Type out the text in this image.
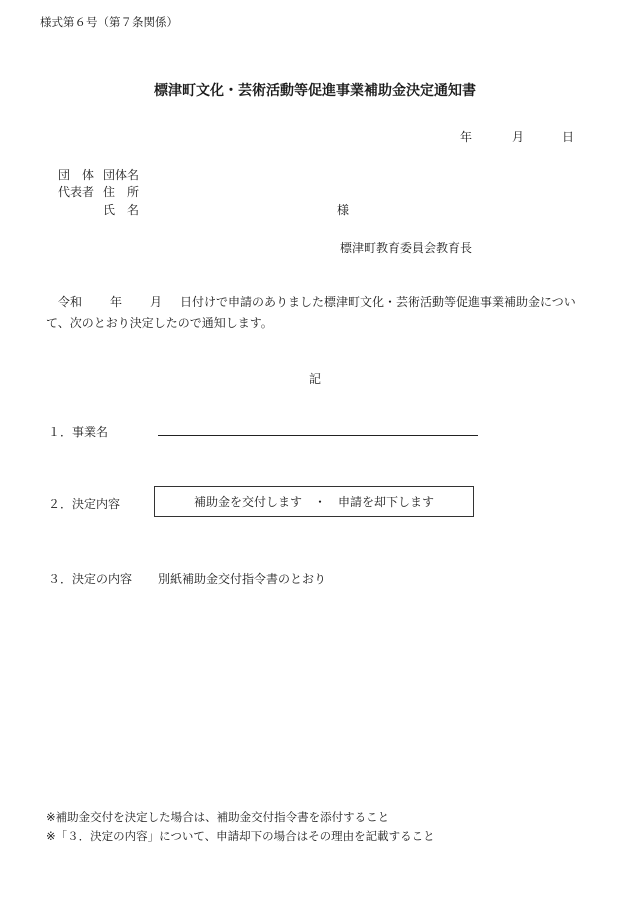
様式第６号（第７条関係）
標津町文化・芸術活動等促進事業補助金決定通知書
年	月	日
団　体 団体名
代表者 住　所
氏　名	様
標津町教育委員会教育長
令和 年 月 日付けで申請のありました標津町文化・芸術活動等促進事業補助金について、次のとおり決定したので通知します。
記
１．事業名
２．決定内容	補助金を交付します　・　申請を却下します
３．決定の内容 別紙補助金交付指令書のとおり
※補助金交付を決定した場合は、補助金交付指令書を添付すること
※「３．決定の内容」について、申請却下の場合はその理由を記載すること
